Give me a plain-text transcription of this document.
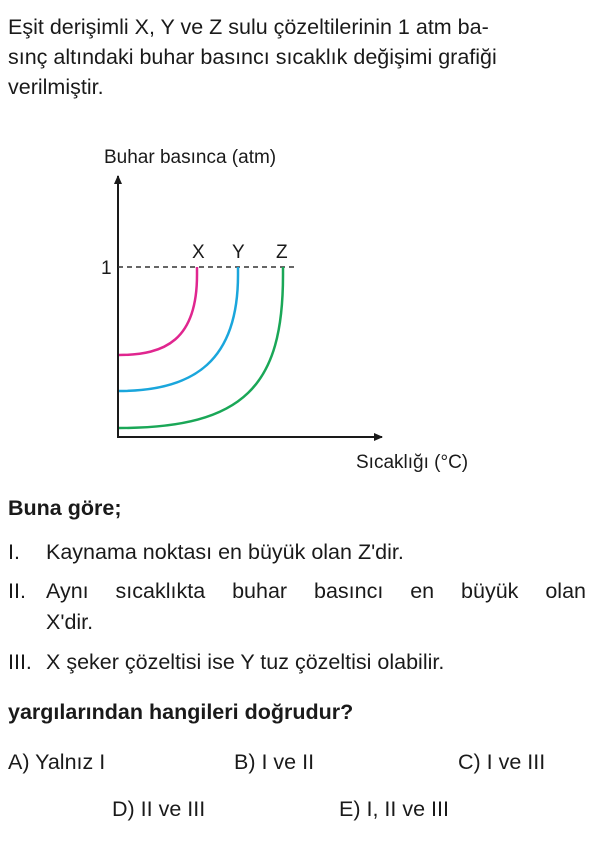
Eşit derişimli X, Y ve Z sulu çözeltilerinin 1 atm ba-
sınç altındaki buhar basıncı sıcaklık değişimi grafiği
verilmiştir.
Buhar basınca (atm)
Sıcaklığı (°C)
1
X Y Z

Buna göre;

I. Kaynama noktası en büyük olan Z'dir.
II. Aynı sıcaklıkta buhar basıncı en büyük olan
X'dir.
III. X şeker çözeltisi ise Y tuz çözeltisi olabilir.

yargılarından hangileri doğrudur?

A) Yalnız I	B) I ve II	C) I ve III
D) II ve III	E) I, II ve III
